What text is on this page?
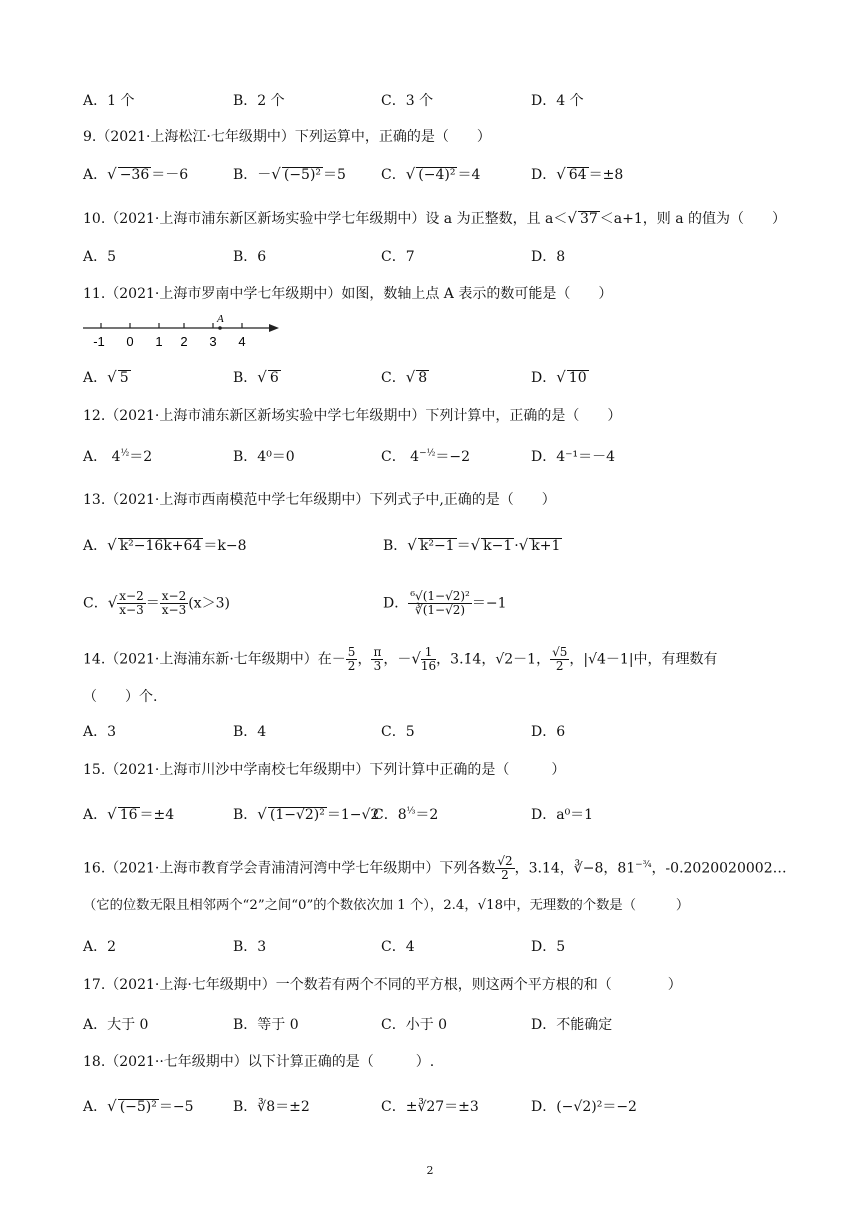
A．1 个	B．2 个	C．3 个	D．4 个
9.（2021·上海松江·七年级期中）下列运算中，正确的是（　　）
A．√ −36 ＝－6	B．－√ (−5)² ＝5	C．√ (−4)² ＝4	D．√ 64 ＝±8
10.（2021·上海市浦东新区新场实验中学七年级期中）设 a 为正整数，且 a＜√ 37 ＜a+1，则 a 的值为（　　）
A．5	B．6	C．7	D．8
11.（2021·上海市罗南中学七年级期中）如图，数轴上点 A 表示的数可能是（　　）
A
-1 0 1 2 3 4
A．√ 5	B．√ 6	C．√ 8	D．√ 10
12.（2021·上海市浦东新区新场实验中学七年级期中）下列计算中，正确的是（　　）
A． $4^{\frac{1}{2}}=2$	B．4⁰＝0	C． $4^{-\frac{1}{2}}=-2$	D．4⁻¹＝－4
13.（2021·上海市西南模范中学七年级期中）下列式子中,正确的是（　　）
A．√ k²−16k+64 ＝k−8	B．√ k²−1 ＝√ k−1 ·√ k+1
C．√ $\frac{x-2}{x-3} = \frac{x-2}{x-3} (x>3)$	D． $\frac{\text{⁶√(1−√2)²}}{∛(1-√2)} =-1$
14.（2021·上海浦东新·七年级期中）在－ $\frac{5}{2}$ ， $\frac{\pi}{3}$ ，－√ $\frac{1}{16}$ ，3.1̇4̇，√2－1， $\frac{√5}{2}$ ，|√4－1|中，有理数有
（　　）个.
A．3	B．4	C．5	D．6
15.（2021·上海市川沙中学南校七年级期中）下列计算中正确的是（　　　）
A．√ 16 ＝±4	B．√ (1−√2)² ＝1−√2
C．$8^{\frac{1}{3}}=2$	D．a⁰＝1
16.（2021·上海市教育学会青浦清河湾中学七年级期中）下列各数 $\frac{√2}{2}$ ，3.14，∛−8，$81^{-\frac{3}{4}}$，-0.2020020002…
（它的位数无限且相邻两个“2”之间“0”的个数依次加 1 个），2.4̇，√18中，无理数的个数是（　　　）
A．2	B．3	C．4	D．5
17.（2021·上海·七年级期中）一个数若有两个不同的平方根，则这两个平方根的和（　　　　）
A．大于 0	B．等于 0	C．小于 0	D．不能确定
18.（2021··七年级期中）以下计算正确的是（　　　）.
A．√ (−5)² ＝−5	B．∛8＝±2	C．±∛27＝±3	D．(−√2)²＝−2
2
